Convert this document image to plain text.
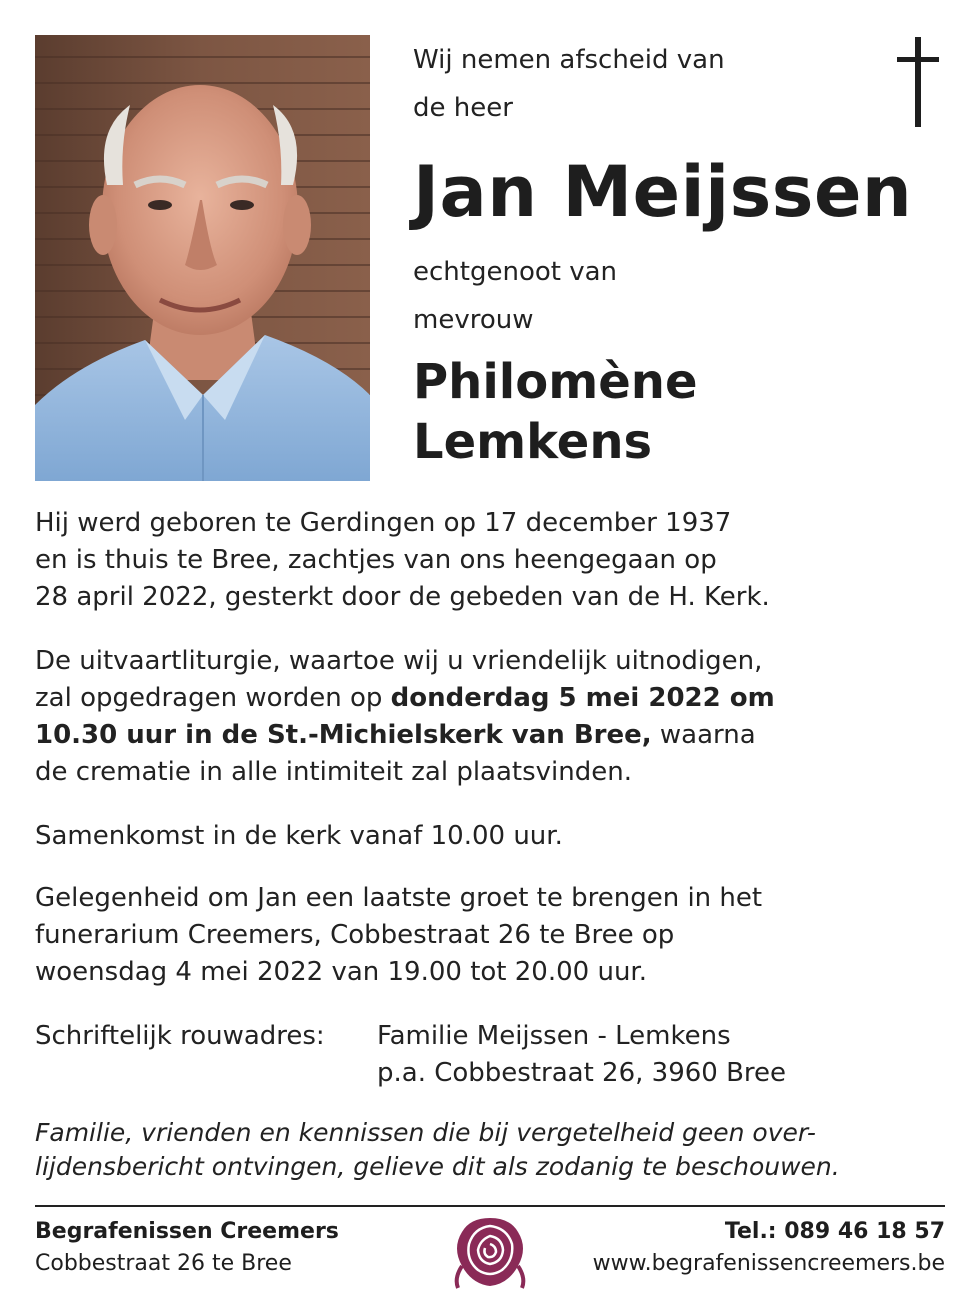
Wij nemen afscheid van
de heer
Jan Meijssen
echtgenoot van
mevrouw
Philomène
Lemkens
Hij werd geboren te Gerdingen op 17 december 1937
en is thuis te Bree, zachtjes van ons heengegaan op
28 april 2022, gesterkt door de gebeden van de H. Kerk.
De uitvaartliturgie, waartoe wij u vriendelijk uitnodigen,
zal opgedragen worden op donderdag 5 mei 2022 om
10.30 uur in de St.-Michielskerk van Bree, waarna
de crematie in alle intimiteit zal plaatsvinden.
Samenkomst in de kerk vanaf 10.00 uur.
Gelegenheid om Jan een laatste groet te brengen in het
funerarium Creemers, Cobbestraat 26 te Bree op
woensdag 4 mei 2022 van 19.00 tot 20.00 uur.
Schriftelijk rouwadres: Familie Meijssen - Lemkens
p.a. Cobbestraat 26, 3960 Bree
Familie, vrienden en kennissen die bij vergetelheid geen over-
lijdensbericht ontvingen, gelieve dit als zodanig te beschouwen.
Begrafenissen Creemers
Cobbestraat 26 te Bree
Tel.: 089 46 18 57
www.begrafenissencreemers.be
